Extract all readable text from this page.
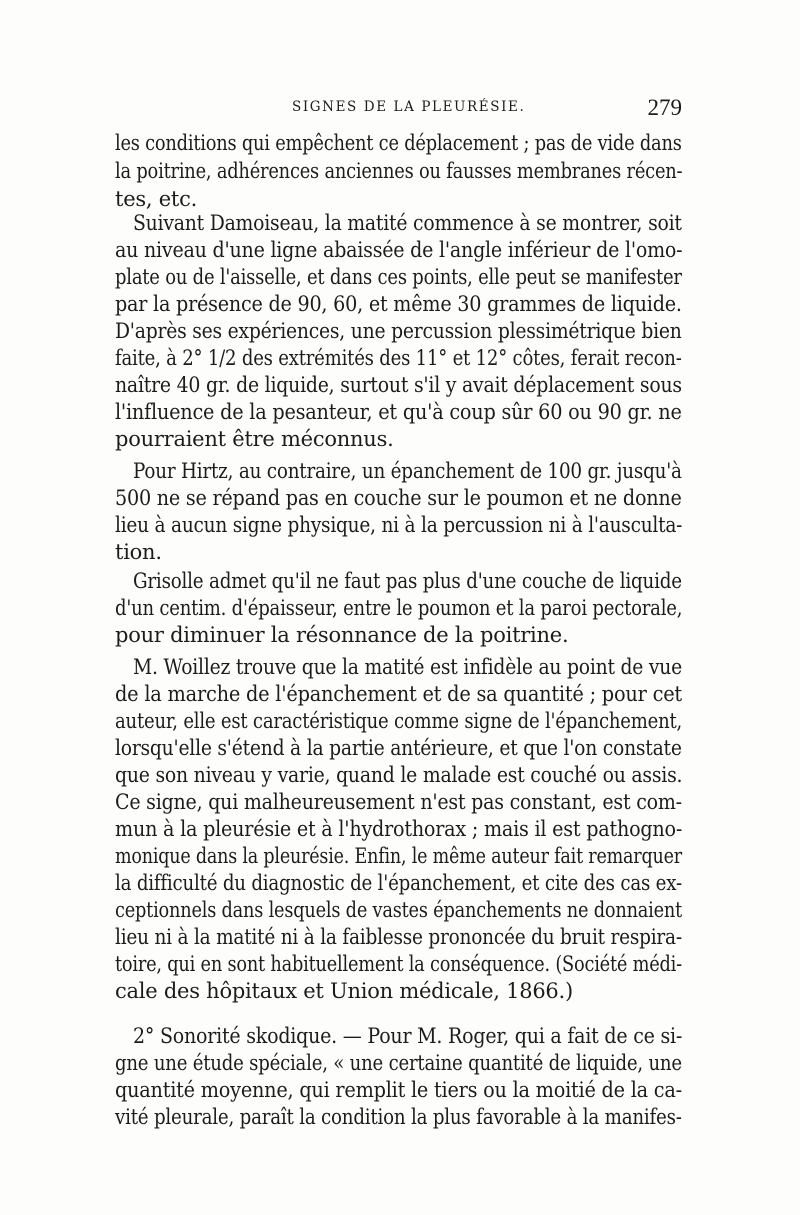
SIGNES DE LA PLEURÉSIE.	279
les conditions qui empêchent ce déplacement ; pas de vide dans
la poitrine, adhérences anciennes ou fausses membranes récen-
tes, etc.
Suivant Damoiseau, la matité commence à se montrer, soit
au niveau d'une ligne abaissée de l'angle inférieur de l'omo-
plate ou de l'aisselle, et dans ces points, elle peut se manifester
par la présence de 90, 60, et même 30 grammes de liquide.
D'après ses expériences, une percussion plessimétrique bien
faite, à 2° 1/2 des extrémités des 11° et 12° côtes, ferait recon-
naître 40 gr. de liquide, surtout s'il y avait déplacement sous
l'influence de la pesanteur, et qu'à coup sûr 60 ou 90 gr. ne
pourraient être méconnus.
Pour Hirtz, au contraire, un épanchement de 100 gr. jusqu'à
500 ne se répand pas en couche sur le poumon et ne donne
lieu à aucun signe physique, ni à la percussion ni à l'ausculta-
tion.
Grisolle admet qu'il ne faut pas plus d'une couche de liquide
d'un centim. d'épaisseur, entre le poumon et la paroi pectorale,
pour diminuer la résonnance de la poitrine.
M. Woillez trouve que la matité est infidèle au point de vue
de la marche de l'épanchement et de sa quantité ; pour cet
auteur, elle est caractéristique comme signe de l'épanchement,
lorsqu'elle s'étend à la partie antérieure, et que l'on constate
que son niveau y varie, quand le malade est couché ou assis.
Ce signe, qui malheureusement n'est pas constant, est com-
mun à la pleurésie et à l'hydrothorax ; mais il est pathogno-
monique dans la pleurésie. Enfin, le même auteur fait remarquer
la difficulté du diagnostic de l'épanchement, et cite des cas ex-
ceptionnels dans lesquels de vastes épanchements ne donnaient
lieu ni à la matité ni à la faiblesse prononcée du bruit respira-
toire, qui en sont habituellement la conséquence. (Société médi-
cale des hôpitaux et Union médicale, 1866.)
2° Sonorité skodique. — Pour M. Roger, qui a fait de ce si-
gne une étude spéciale, « une certaine quantité de liquide, une
quantité moyenne, qui remplit le tiers ou la moitié de la ca-
vité pleurale, paraît la condition la plus favorable à la manifes-
